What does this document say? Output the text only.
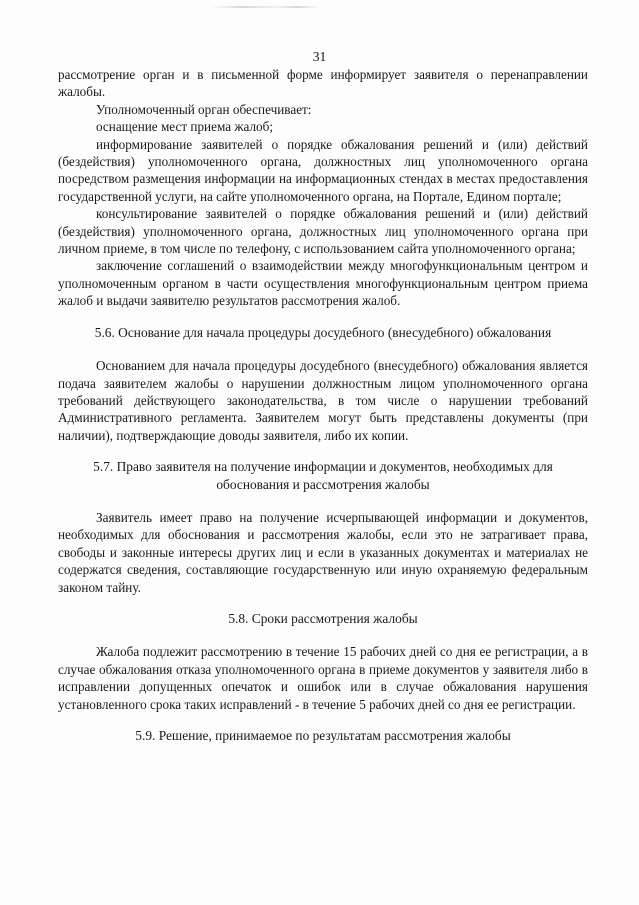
31

рассмотрение орган и в письменной форме информирует заявителя о перенаправлении жалобы.

Уполномоченный орган обеспечивает:

оснащение мест приема жалоб;

информирование заявителей о порядке обжалования решений и (или) действий (бездействия) уполномоченного органа, должностных лиц уполномоченного органа посредством размещения информации на информационных стендах в местах предоставления государственной услуги, на сайте уполномоченного органа, на Портале, Едином портале;

консультирование заявителей о порядке обжалования решений и (или) действий (бездействия) уполномоченного органа, должностных лиц уполномоченного органа при личном приеме, в том числе по телефону, с использованием сайта уполномоченного органа;

заключение соглашений о взаимодействии между многофункциональным центром и уполномоченным органом в части осуществления многофункциональным центром приема жалоб и выдачи заявителю результатов рассмотрения жалоб.

5.6. Основание для начала процедуры досудебного (внесудебного) обжалования

Основанием для начала процедуры досудебного (внесудебного) обжалования является подача заявителем жалобы о нарушении должностным лицом уполномоченного органа требований действующего законодательства, в том числе о нарушении требований Административного регламента. Заявителем могут быть представлены документы (при наличии), подтверждающие доводы заявителя, либо их копии.

5.7. Право заявителя на получение информации и документов, необходимых для

обоснования и рассмотрения жалобы

Заявитель имеет право на получение исчерпывающей информации и документов, необходимых для обоснования и рассмотрения жалобы, если это не затрагивает права, свободы и законные интересы других лиц и если в указанных документах и материалах не содержатся сведения, составляющие государственную или иную охраняемую федеральным законом тайну.

5.8. Сроки рассмотрения жалобы

Жалоба подлежит рассмотрению в течение 15 рабочих дней со дня ее регистрации, а в случае обжалования отказа уполномоченного органа в приеме документов у заявителя либо в исправлении допущенных опечаток и ошибок или в случае обжалования нарушения установленного срока таких исправлений - в течение 5 рабочих дней со дня ее регистрации.

5.9. Решение, принимаемое по результатам рассмотрения жалобы
